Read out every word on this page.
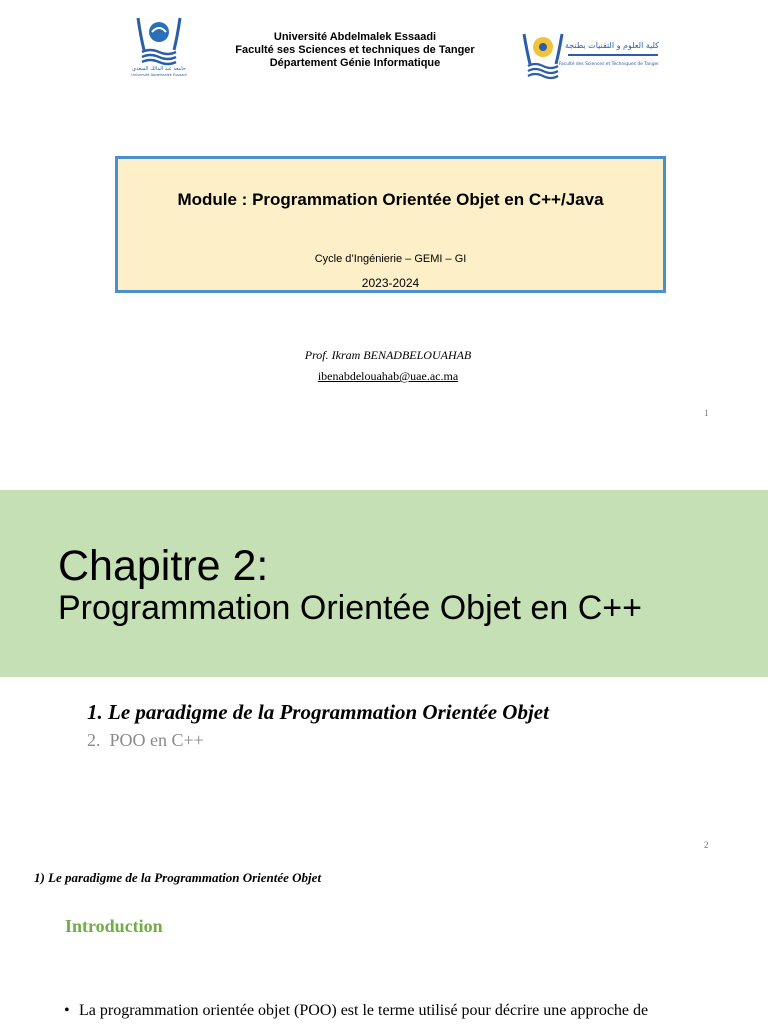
جامعة عبد المالك السعدي
Université Abdelmalek Essaadi
Université Abdelmalek Essaadi
Faculté ses Sciences et techniques de Tanger
Département Génie Informatique
كلية العلوم و التقنيات بطنجة
Faculté des Sciences et Techniques de Tanger
Module : Programmation Orientée Objet en C++/Java
Cycle d’Ingénierie – GEMI – GI
2023-2024
Prof. Ikram BENADBELOUAHAB
ibenabdelouahab@uae.ac.ma
1
Chapitre 2:
Programmation Orientée Objet en C++
1. Le paradigme de la Programmation Orientée Objet
2.  POO en C++
2
1) Le paradigme de la Programmation Orientée Objet
Introduction
• La programmation orientée objet (POO) est le terme utilisé pour décrire une approche de
